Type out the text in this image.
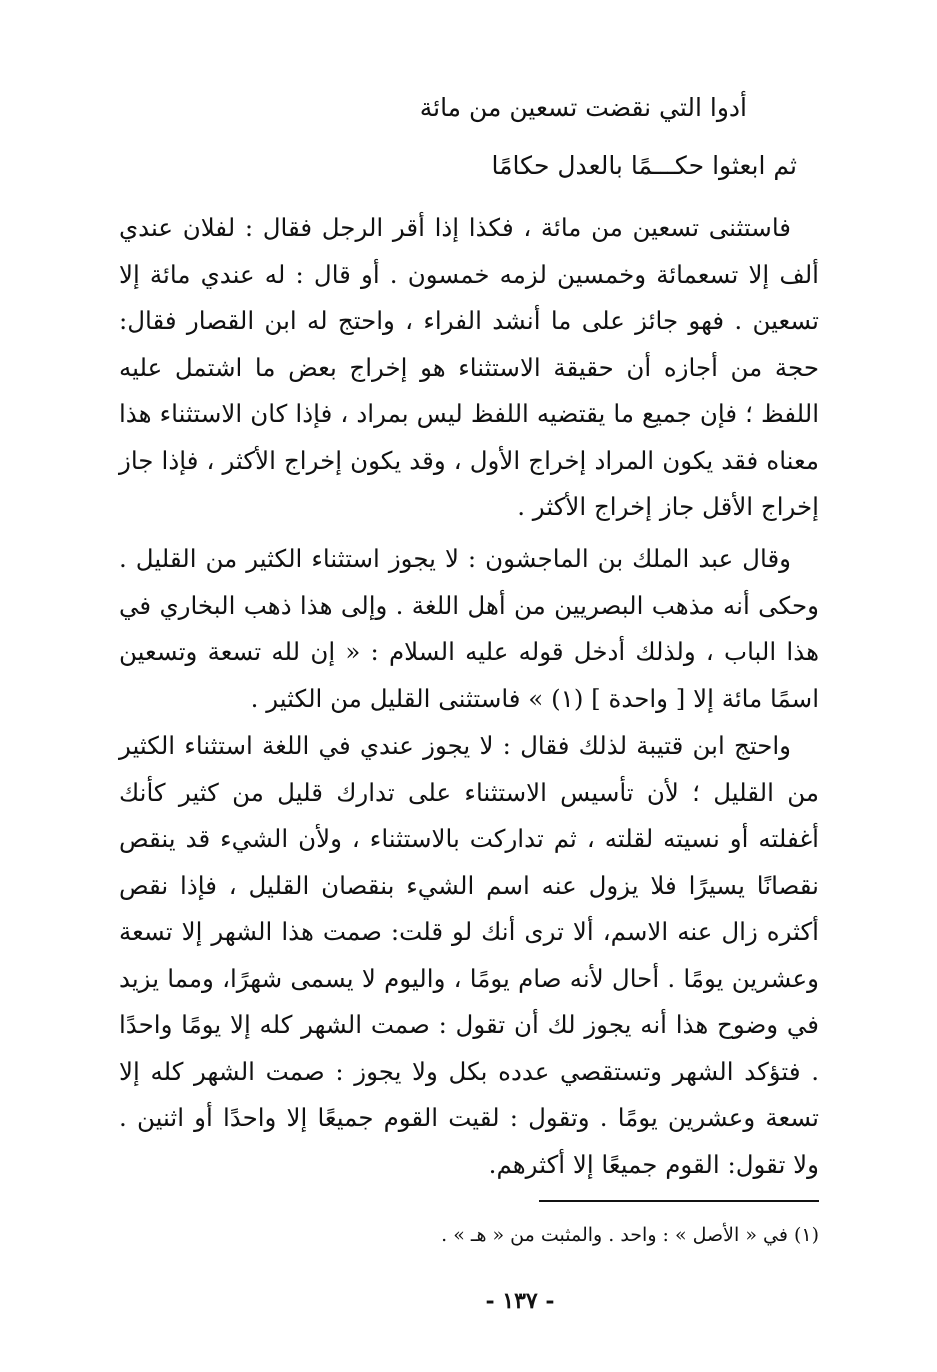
أدوا التي نقضت تسعين من مائة
ثم ابعثوا حكـــمًا بالعدل حكامًا

فاستثنى تسعين من مائة ، فكذا إذا أقر الرجل فقال : لفلان عندي ألف إلا تسعمائة وخمسين لزمه خمسون . أو قال : له عندي مائة إلا تسعين . فهو جائز على ما أنشد الفراء ، واحتج له ابن القصار فقال: حجة من أجازه أن حقيقة الاستثناء هو إخراج بعض ما اشتمل عليه اللفظ ؛ فإن جميع ما يقتضيه اللفظ ليس بمراد ، فإذا كان الاستثناء هذا معناه فقد يكون المراد إخراج الأول ، وقد يكون إخراج الأكثر ، فإذا جاز إخراج الأقل جاز إخراج الأكثر .

وقال عبد الملك بن الماجشون : لا يجوز استثناء الكثير من القليل . وحكى أنه مذهب البصريين من أهل اللغة . وإلى هذا ذهب البخاري في هذا الباب ، ولذلك أدخل قوله عليه السلام : « إن لله تسعة وتسعين اسمًا مائة إلا [ واحدة ] (١) » فاستثنى القليل من الكثير .

واحتج ابن قتيبة لذلك فقال : لا يجوز عندي في اللغة استثناء الكثير من القليل ؛ لأن تأسيس الاستثناء على تدارك قليل من كثير كأنك أغفلته أو نسيته لقلته ، ثم تداركت بالاستثناء ، ولأن الشيء قد ينقص نقصانًا يسيرًا فلا يزول عنه اسم الشيء بنقصان القليل ، فإذا نقص أكثره زال عنه الاسم، ألا ترى أنك لو قلت: صمت هذا الشهر إلا تسعة وعشرين يومًا . أحال لأنه صام يومًا ، واليوم لا يسمى شهرًا، ومما يزيد في وضوح هذا أنه يجوز لك أن تقول : صمت الشهر كله إلا يومًا واحدًا . فتؤكد الشهر وتستقصي عدده بكل ولا يجوز : صمت الشهر كله إلا تسعة وعشرين يومًا . وتقول : لقيت القوم جميعًا إلا واحدًا أو اثنين . ولا تقول: القوم جميعًا إلا أكثرهم.

(١) في « الأصل » : واحد . والمثبت من « هـ » .
- ١٣٧ -
